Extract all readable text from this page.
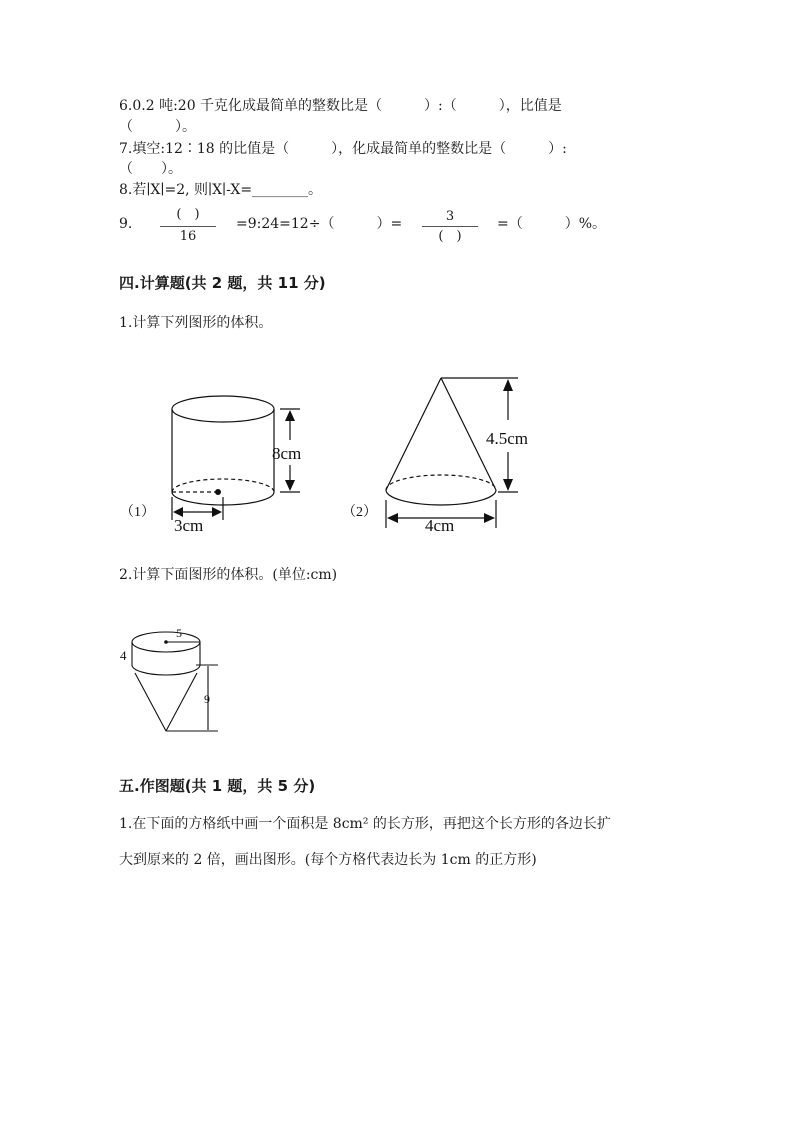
6.0.2 吨:20 千克化成最简单的整数比是（　　　）:（　　　），比值是
（　　　）。
7.填空:12∶18 的比值是（　　　），化成最简单的整数比是（　　　）:
（　　）。
8.若∣X∣=2, 则∣X∣-X=________。
9.
(　)
16
=9:24=12÷（　　　）=	3
(　)
=（　　　）%。
四.计算题(共 2 题，共 11 分)
1.计算下列图形的体积。
8cm
3cm
（1）
4.5cm
4cm
（2）
5
4
9
2.计算下面图形的体积。(单位:cm)
五.作图题(共 1 题，共 5 分)
1.在下面的方格纸中画一个面积是 8cm² 的长方形，再把这个长方形的各边长扩
大到原来的 2 倍，画出图形。(每个方格代表边长为 1cm 的正方形)
